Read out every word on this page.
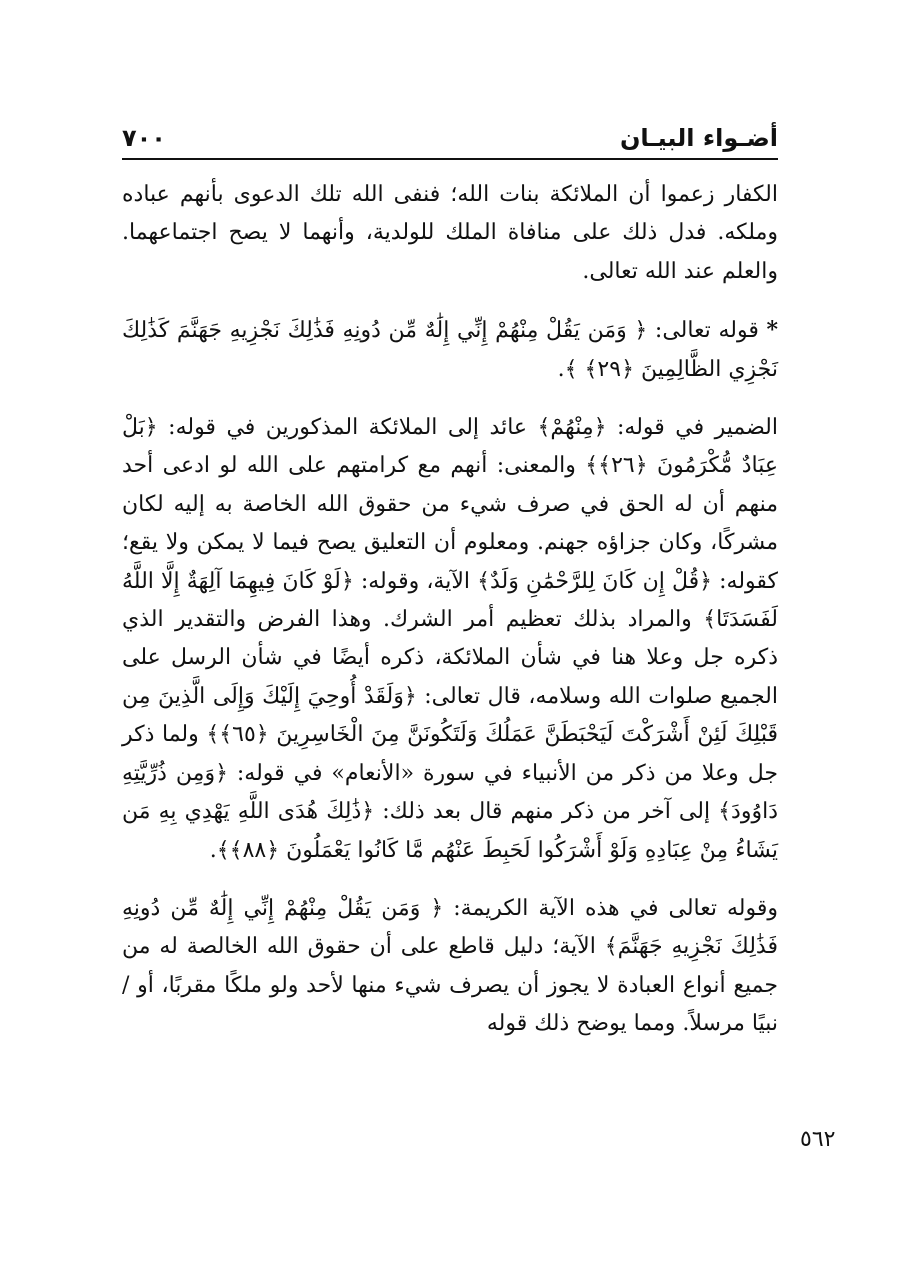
أضـواء البيـان
٧٠٠

الكفار زعموا أن الملائكة بنات الله؛ فنفى الله تلك الدعوى بأنهم عباده وملكه. فدل ذلك على منافاة الملك للولدية، وأنهما لا يصح اجتماعهما. والعلم عند الله تعالى.

* قوله تعالى: ﴿ وَمَن يَقُلْ مِنْهُمْ إِنِّي إِلَٰهٌ مِّن دُونِهِ فَذَٰلِكَ نَجْزِيهِ جَهَنَّمَ كَذَٰلِكَ نَجْزِي الظَّالِمِينَ ﴿٢٩﴾ ﴾.

الضمير في قوله: ﴿مِنْهُمْ﴾ عائد إلى الملائكة المذكورين في قوله: ﴿بَلْ عِبَادٌ مُّكْرَمُونَ ﴿٢٦﴾﴾ والمعنى: أنهم مع كرامتهم على الله لو ادعى أحد منهم أن له الحق في صرف شيء من حقوق الله الخاصة به إليه لكان مشركًا، وكان جزاؤه جهنم. ومعلوم أن التعليق يصح فيما لا يمكن ولا يقع؛ كقوله: ﴿قُلْ إِن كَانَ لِلرَّحْمَٰنِ وَلَدٌ﴾ الآية، وقوله: ﴿لَوْ كَانَ فِيهِمَا آلِهَةٌ إِلَّا اللَّهُ لَفَسَدَتَا﴾ والمراد بذلك تعظيم أمر الشرك. وهذا الفرض والتقدير الذي ذكره جل وعلا هنا في شأن الملائكة، ذكره أيضًا في شأن الرسل على الجميع صلوات الله وسلامه، قال تعالى: ﴿وَلَقَدْ أُوحِيَ إِلَيْكَ وَإِلَى الَّذِينَ مِن قَبْلِكَ لَئِنْ أَشْرَكْتَ لَيَحْبَطَنَّ عَمَلُكَ وَلَتَكُونَنَّ مِنَ الْخَاسِرِينَ ﴿٦٥﴾﴾ ولما ذكر جل وعلا من ذكر من الأنبياء في سورة «الأنعام» في قوله: ﴿وَمِن ذُرِّيَّتِهِ دَاوُودَ﴾ إلى آخر من ذكر منهم قال بعد ذلك: ﴿ذَٰلِكَ هُدَى اللَّهِ يَهْدِي بِهِ مَن يَشَاءُ مِنْ عِبَادِهِ وَلَوْ أَشْرَكُوا لَحَبِطَ عَنْهُم مَّا كَانُوا يَعْمَلُونَ ﴿٨٨﴾﴾.

وقوله تعالى في هذه الآية الكريمة: ﴿ وَمَن يَقُلْ مِنْهُمْ إِنِّي إِلَٰهٌ مِّن دُونِهِ فَذَٰلِكَ نَجْزِيهِ جَهَنَّمَ﴾ الآية؛ دليل قاطع على أن حقوق الله الخالصة له من جميع أنواع العبادة لا يجوز أن يصرف شيء منها لأحد ولو ملكًا مقربًا، أو / نبيًا مرسلاً. ومما يوضح ذلك قوله

٥٦٢
